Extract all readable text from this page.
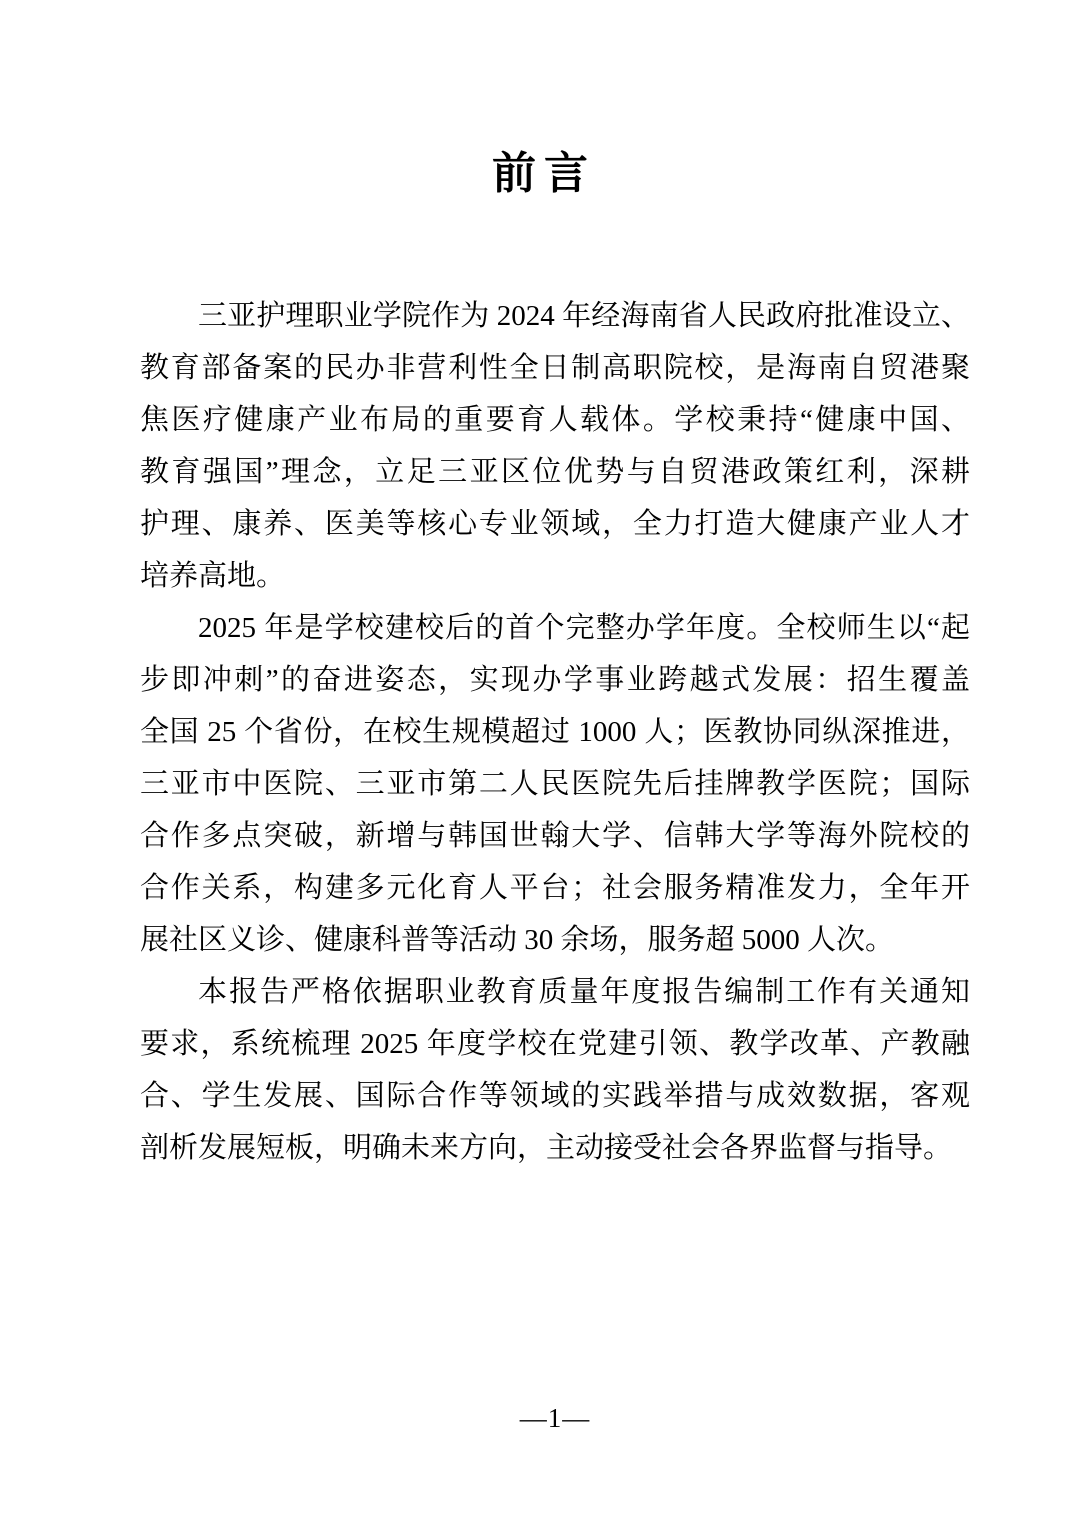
前言
三亚护理职业学院作为 2024 年经海南省人民政府批准设立、
教育部备案的民办非营利性全日制高职院校，是海南自贸港聚
焦医疗健康产业布局的重要育人载体。学校秉持“健康中国、
教育强国”理念，立足三亚区位优势与自贸港政策红利，深耕
护理、康养、医美等核心专业领域，全力打造大健康产业人才
培养高地。
2025 年是学校建校后的首个完整办学年度。全校师生以“起
步即冲刺”的奋进姿态，实现办学事业跨越式发展：招生覆盖
全国 25 个省份，在校生规模超过 1000 人；医教协同纵深推进，
三亚市中医院、三亚市第二人民医院先后挂牌教学医院；国际
合作多点突破，新增与韩国世翰大学、信韩大学等海外院校的
合作关系，构建多元化育人平台；社会服务精准发力，全年开
展社区义诊、健康科普等活动 30 余场，服务超 5000 人次。
本报告严格依据职业教育质量年度报告编制工作有关通知
要求，系统梳理 2025 年度学校在党建引领、教学改革、产教融
合、学生发展、国际合作等领域的实践举措与成效数据，客观
剖析发展短板，明确未来方向，主动接受社会各界监督与指导。
—1—
